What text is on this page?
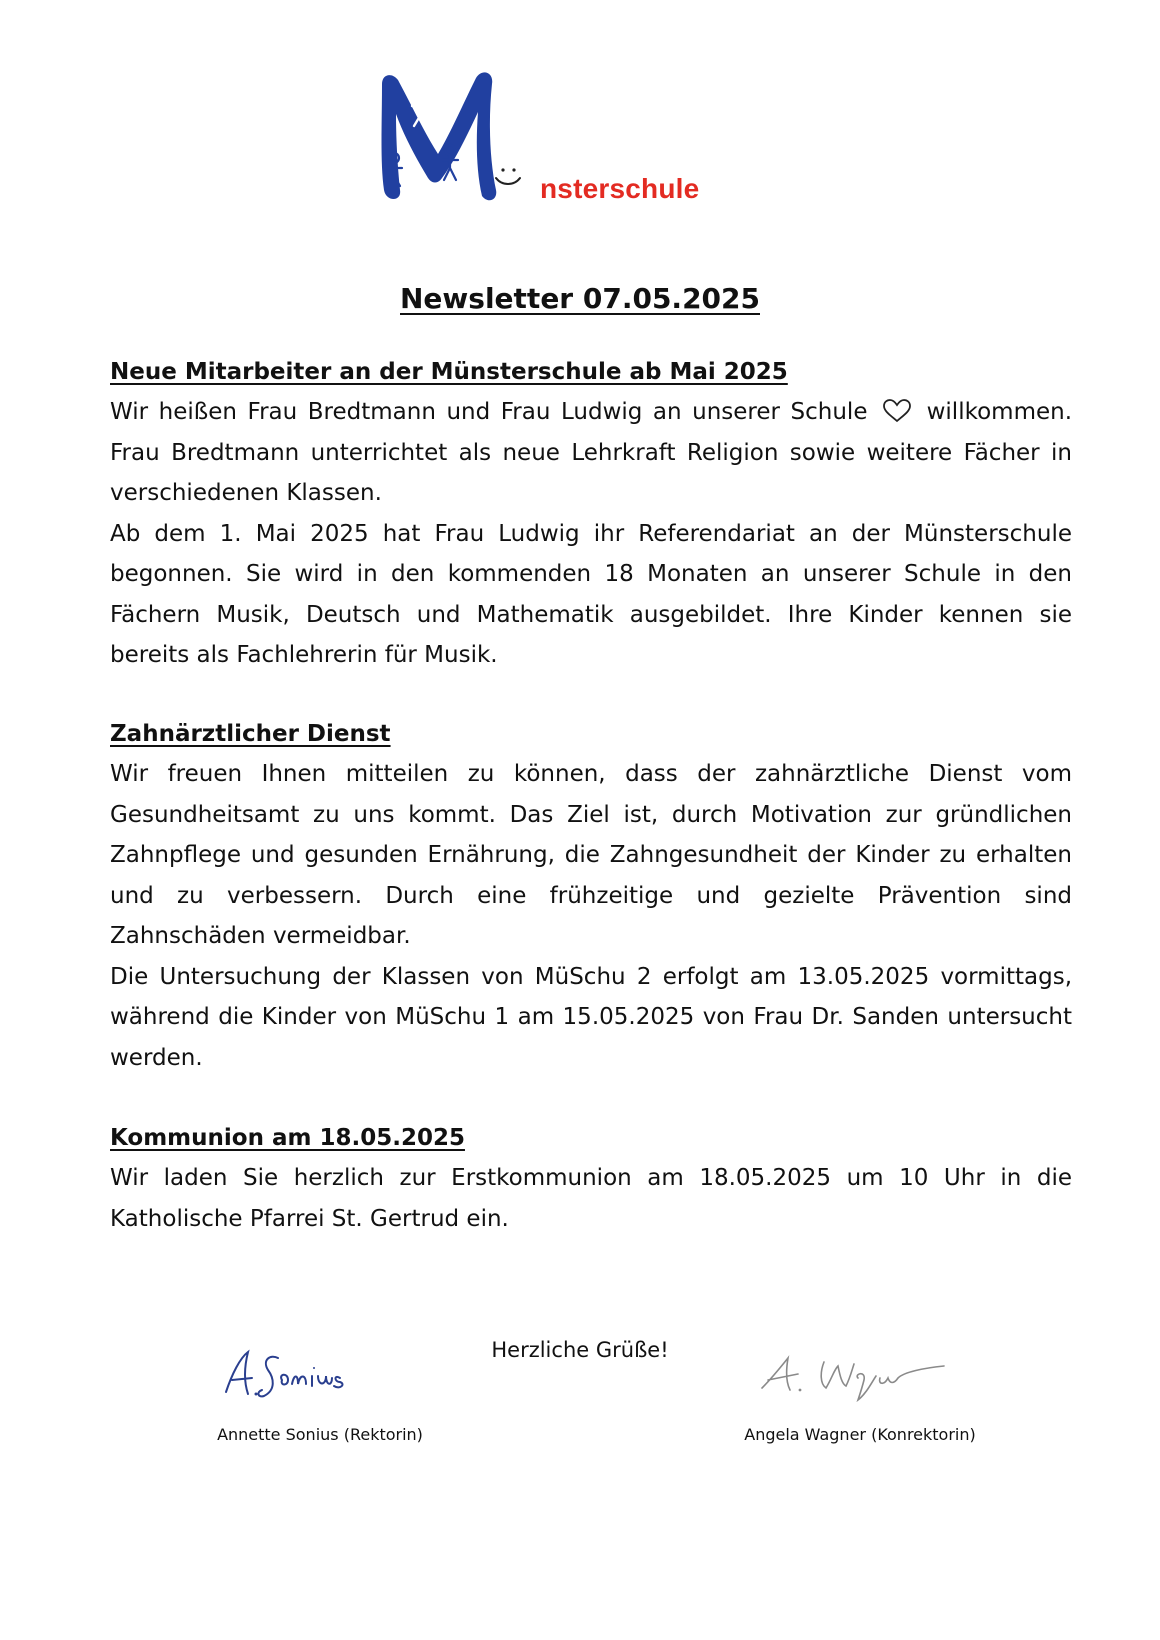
nsterschule
Newsletter 07.05.2025

Neue Mitarbeiter an der Münsterschule ab Mai 2025

Wir heißen Frau Bredtmann und Frau Ludwig an unserer Schule	willkommen. Frau Bredtmann unterrichtet als neue Lehrkraft Religion sowie weitere Fächer in verschiedenen Klassen.

Ab dem 1. Mai 2025 hat Frau Ludwig ihr Referendariat an der Münsterschule begonnen. Sie wird in den kommenden 18 Monaten an unserer Schule in den Fächern Musik, Deutsch und Mathematik ausgebildet. Ihre Kinder kennen sie bereits als Fachlehrerin für Musik.

Zahnärztlicher Dienst

Wir freuen Ihnen mitteilen zu können, dass der zahnärztliche Dienst vom Gesundheitsamt zu uns kommt. Das Ziel ist, durch Motivation zur gründlichen Zahnpflege und gesunden Ernährung, die Zahngesundheit der Kinder zu erhalten und zu verbessern. Durch eine frühzeitige und gezielte Prävention sind Zahnschäden vermeidbar.

Die Untersuchung der Klassen von MüSchu 2 erfolgt am 13.05.2025 vormittags, während die Kinder von MüSchu 1 am 15.05.2025 von Frau Dr. Sanden untersucht werden.

Kommunion am 18.05.2025

Wir laden Sie herzlich zur Erstkommunion am 18.05.2025 um 10 Uhr in die Katholische Pfarrei St. Gertrud ein.

Herzliche Grüße!
Annette Sonius (Rektorin)	Angela Wagner (Konrektorin)
